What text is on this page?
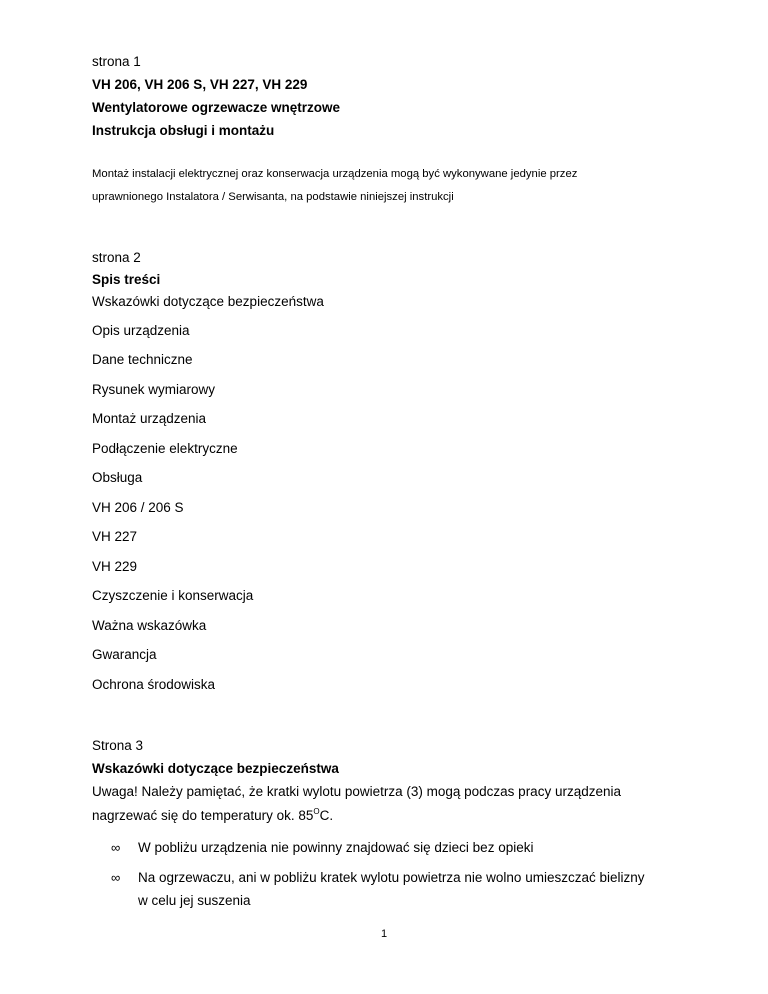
strona 1
VH 206, VH 206 S, VH 227, VH 229
Wentylatorowe ogrzewacze wnętrzowe
Instrukcja obsługi i montażu
Montaż instalacji elektrycznej oraz konserwacja urządzenia mogą być wykonywane jedynie przez
uprawnionego Instalatora / Serwisanta, na podstawie niniejszej instrukcji
strona 2
Spis treści
Wskazówki dotyczące bezpieczeństwa
Opis urządzenia
Dane techniczne
Rysunek wymiarowy
Montaż urządzenia
Podłączenie elektryczne
Obsługa
VH 206 / 206 S
VH 227
VH 229
Czyszczenie i konserwacja
Ważna wskazówka
Gwarancja
Ochrona środowiska
Strona 3
Wskazówki dotyczące bezpieczeństwa
Uwaga! Należy pamiętać, że kratki wylotu powietrza (3) mogą podczas pracy urządzenia
nagrzewać się do temperatury ok. $85^OC$.
∞ W pobliżu urządzenia nie powinny znajdować się dzieci bez opieki
∞ Na ogrzewaczu, ani w pobliżu kratek wylotu powietrza nie wolno umieszczać bielizny
w celu jej suszenia
1
